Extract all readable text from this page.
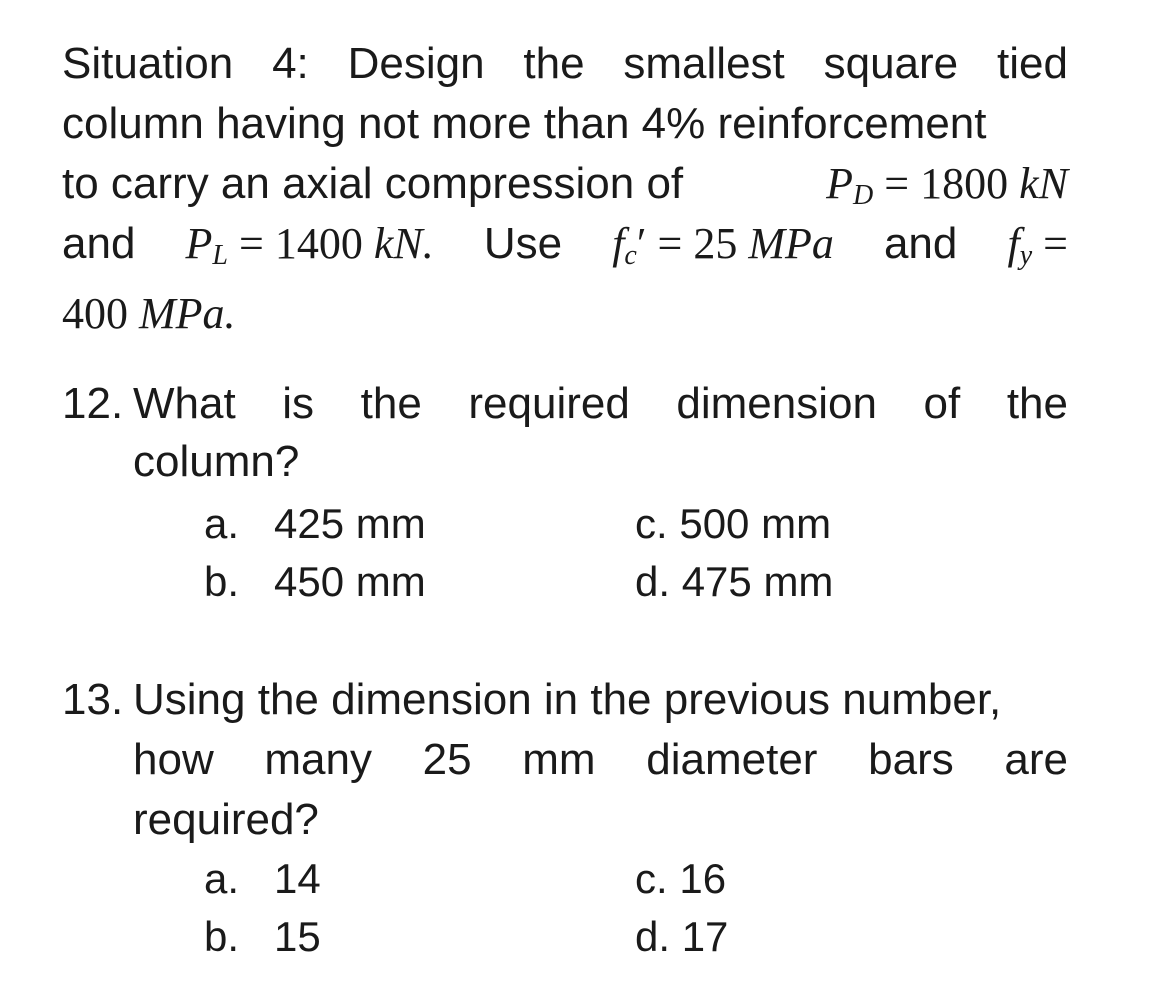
Situation 4: Design the smallest square tied
column having not more than 4% reinforcement
to carry an axial compression of	$P_D = 1800$ kN
and $P_L = 1400$ kN. Use $f_c' = 25$ MPa and $f_y$ =
400 MPa.
12. What is the required dimension of the
column?
a. 425 mm
b. 450 mm
c. 500 mm
d. 475 mm
13. Using the dimension in the previous number,
how many 25 mm diameter bars are
required?
a. 14
b. 15
c. 16
d. 17
